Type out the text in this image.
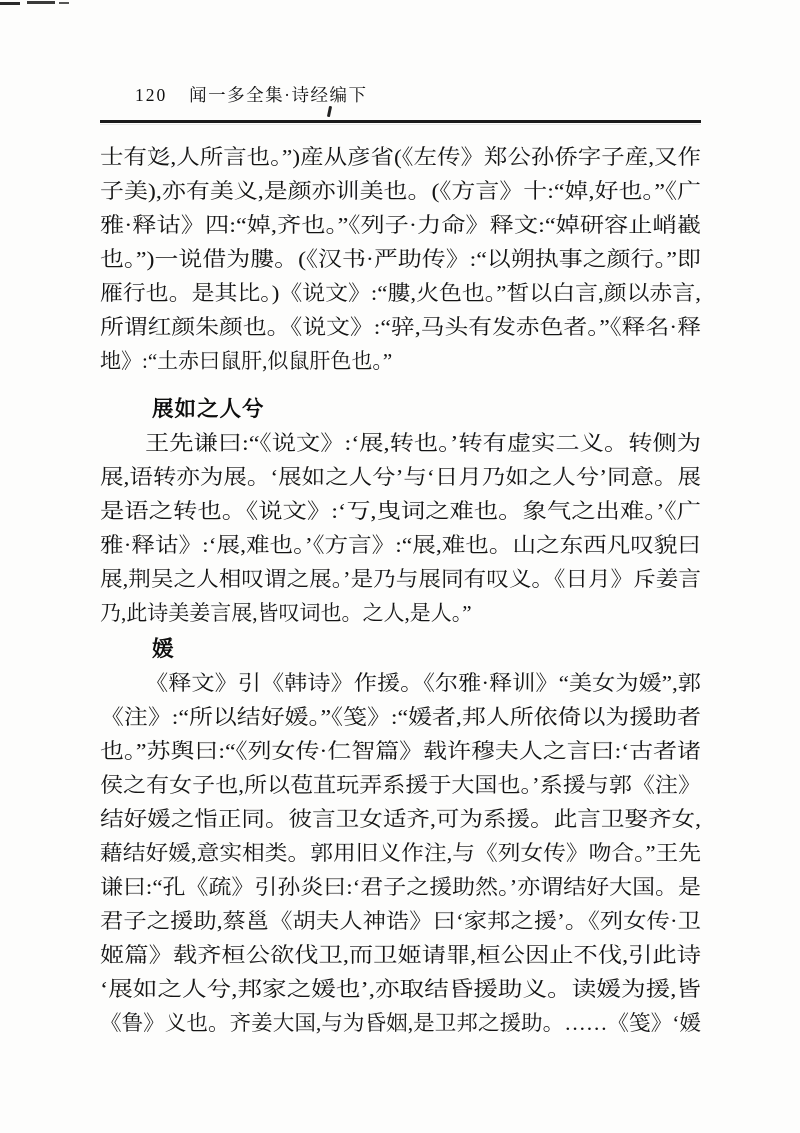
120 闻一多全集·诗经编下
士有彣,人所言也。”)産从彦省(《左传》郑公孙侨字子産,又作
子美),亦有美义,是颜亦训美也。(《方言》十:“婥,好也。”《广
雅·释诂》四:“婥,齐也。”《列子·力命》释文:“婥研容止峭嶻
也。”)一说借为膢。(《汉书·严助传》:“以朔执事之颜行。”即
雁行也。是其比。)《说文》:“膢,火色也。”皙以白言,颜以赤言,
所谓红颜朱颜也。《说文》:“骍,马头有发赤色者。”《释名·释
地》:“土赤曰鼠肝,似鼠肝色也。”
展如之人兮
王先谦曰:“《说文》:‘展,转也。’转有虚实二义。转侧为
展,语转亦为展。‘展如之人兮’与‘日月乃如之人兮’同意。展
是语之转也。《说文》:‘丂,曳词之难也。象气之出难。’《广
雅·释诂》:‘展,难也。’《方言》:“展,难也。山之东西凡叹貌曰
展,荆吴之人相叹谓之展。’是乃与展同有叹义。《日月》斥姜言
乃,此诗美姜言展,皆叹词也。之人,是人。”
媛
《释文》引《韩诗》作援。《尔雅·释训》“美女为媛”,郭
《注》:“所以结好媛。”《笺》:“媛者,邦人所依倚以为援助者
也。”苏舆曰:“《列女传·仁智篇》载许穆夫人之言曰:‘古者诸
侯之有女子也,所以苞苴玩弄系援于大国也。’系援与郭《注》
结好媛之恉正同。彼言卫女适齐,可为系援。此言卫娶齐女,
藉结好媛,意实相类。郭用旧义作注,与《列女传》吻合。”王先
谦曰:“孔《疏》引孙炎曰:‘君子之援助然。’亦谓结好大国。是
君子之援助,蔡邕《胡夫人神诰》曰‘家邦之援’。《列女传·卫
姬篇》载齐桓公欲伐卫,而卫姬请罪,桓公因止不伐,引此诗
‘展如之人兮,邦家之媛也’,亦取结昏援助义。读媛为援,皆
《鲁》义也。齐姜大国,与为昏姻,是卫邦之援助。……《笺》‘媛
